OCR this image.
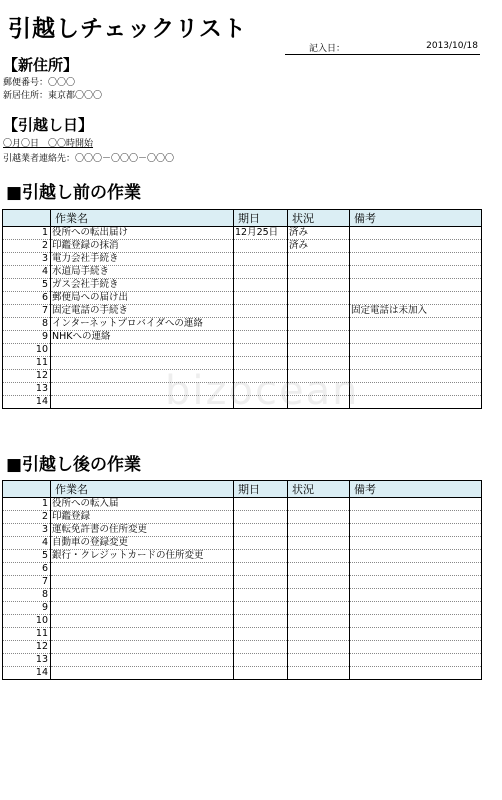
引越しチェックリスト
記入日：	2013/10/18
【新住所】
郵便番号：〇〇〇
新居住所：東京都〇〇〇
【引越し日】
〇月〇日　〇〇時開始
引越業者連絡先：〇〇〇－〇〇〇－〇〇〇
■引越し前の作業
	作業名	期日	状況	備考
1	役所への転出届け	12月25日	済み	
2	印鑑登録の抹消		済み	
3	電力会社手続き			
4	水道局手続き			
5	ガス会社手続き			
6	郵便局への届け出			
7	固定電話の手続き			固定電話は未加入
8	インターネットプロバイダへの連絡			
9	NHKへの連絡			
10				
11				
12				
13				
14				
■引越し後の作業
	作業名	期日	状況	備考
1	役所への転入届			
2	印鑑登録			
3	運転免許書の住所変更			
4	自動車の登録変更			
5	銀行・クレジットカードの住所変更			
6				
7				
8				
9				
10				
11				
12				
13				
14				
bizocean
